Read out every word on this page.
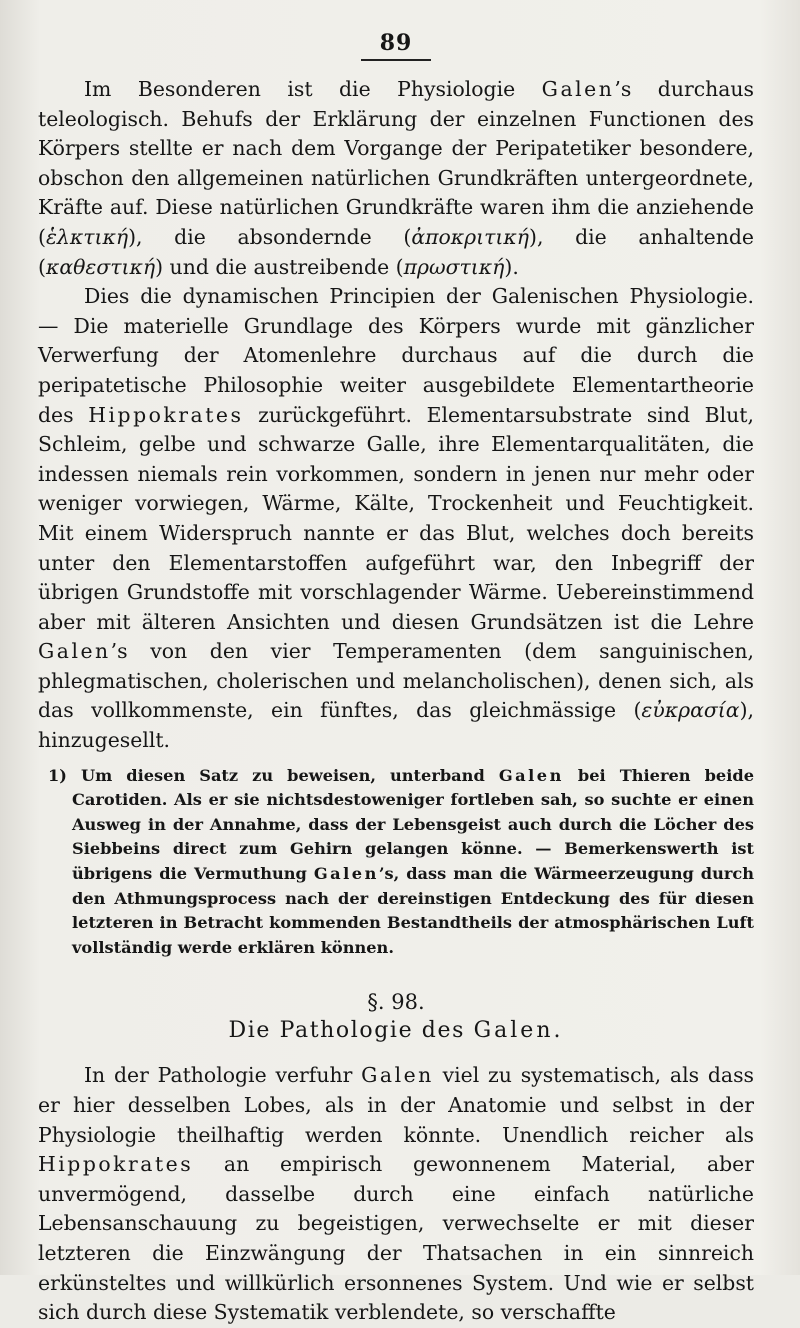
89

Im Besonderen ist die Physiologie Galen’s durchaus teleologisch. Behufs der Erklärung der einzelnen Functionen des Körpers stellte er nach dem Vorgange der Peripatetiker besondere, obschon den allgemeinen natürlichen Grundkräften untergeordnete, Kräfte auf. Diese natürlichen Grundkräfte waren ihm die anziehende (ἑλκτική), die absondernde (ἀποκριτική), die anhaltende (καθεστική) und die austreibende (πρωστική).

Dies die dynamischen Principien der Galenischen Physiologie. — Die materielle Grundlage des Körpers wurde mit gänzlicher Verwerfung der Atomenlehre durchaus auf die durch die peripatetische Philosophie weiter ausgebildete Elementartheorie des Hippokrates zurückgeführt. Elementarsubstrate sind Blut, Schleim, gelbe und schwarze Galle, ihre Elementarqualitäten, die indessen niemals rein vorkommen, sondern in jenen nur mehr oder weniger vorwiegen, Wärme, Kälte, Trockenheit und Feuchtigkeit. Mit einem Widerspruch nannte er das Blut, welches doch bereits unter den Elementarstoffen aufgeführt war, den Inbegriff der übrigen Grundstoffe mit vorschlagender Wärme. Uebereinstimmend aber mit älteren Ansichten und diesen Grundsätzen ist die Lehre Galen’s von den vier Temperamenten (dem sanguinischen, phlegmatischen, cholerischen und melancholischen), denen sich, als das vollkommenste, ein fünftes, das gleichmässige (εὐκρασία), hinzugesellt.

1) Um diesen Satz zu beweisen, unterband Galen bei Thieren beide Carotiden. Als er sie nichtsdestoweniger fortleben sah, so suchte er einen Ausweg in der Annahme, dass der Lebensgeist auch durch die Löcher des Siebbeins direct zum Gehirn gelangen könne. — Bemerkenswerth ist übrigens die Vermuthung Galen’s, dass man die Wärmeerzeugung durch den Athmungsprocess nach der dereinstigen Entdeckung des für diesen letzteren in Betracht kommenden Bestandtheils der atmosphärischen Luft vollständig werde erklären können.

§. 98.
Die Pathologie des Galen.

In der Pathologie verfuhr Galen viel zu systematisch, als dass er hier desselben Lobes, als in der Anatomie und selbst in der Physiologie theilhaftig werden könnte. Unendlich reicher als Hippokrates an empirisch gewonnenem Material, aber unvermögend, dasselbe durch eine einfach natürliche Lebensanschauung zu begeistigen, verwechselte er mit dieser letzteren die Einzwängung der Thatsachen in ein sinnreich erkünsteltes und willkürlich ersonnenes System. Und wie er selbst sich durch diese Systematik verblendete, so verschaffte
